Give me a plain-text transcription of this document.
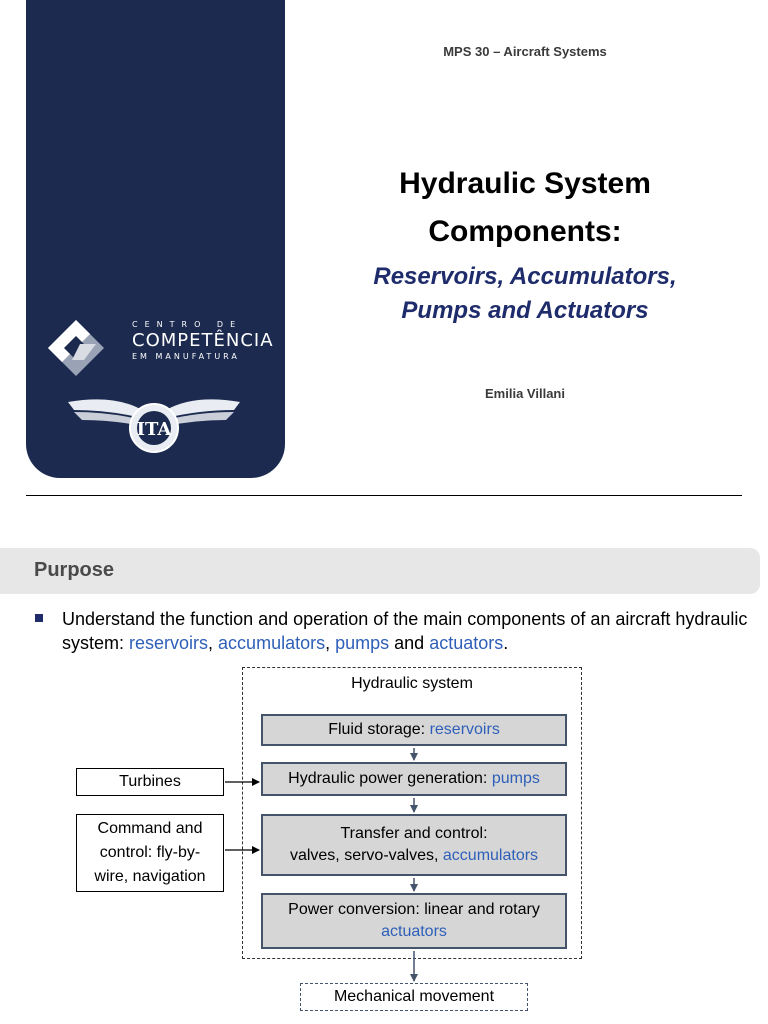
CENTRO DE
COMPETÊNCIA
EM MANUFATURA
ITA
MPS 30 – Aircraft Systems
Hydraulic System
Components:
Reservoirs, Accumulators,
Pumps and Actuators
Emilia Villani
Purpose
Understand the function and operation of the main components of an aircraft hydraulic system: reservoirs, accumulators, pumps and actuators.
Hydraulic system
Fluid storage: reservoirs
Hydraulic power generation: pumps
Transfer and control:
valves, servo-valves, accumulators
Power conversion: linear and rotary
actuators
Turbines
Command and
control: fly-by-
wire, navigation
Mechanical movement
